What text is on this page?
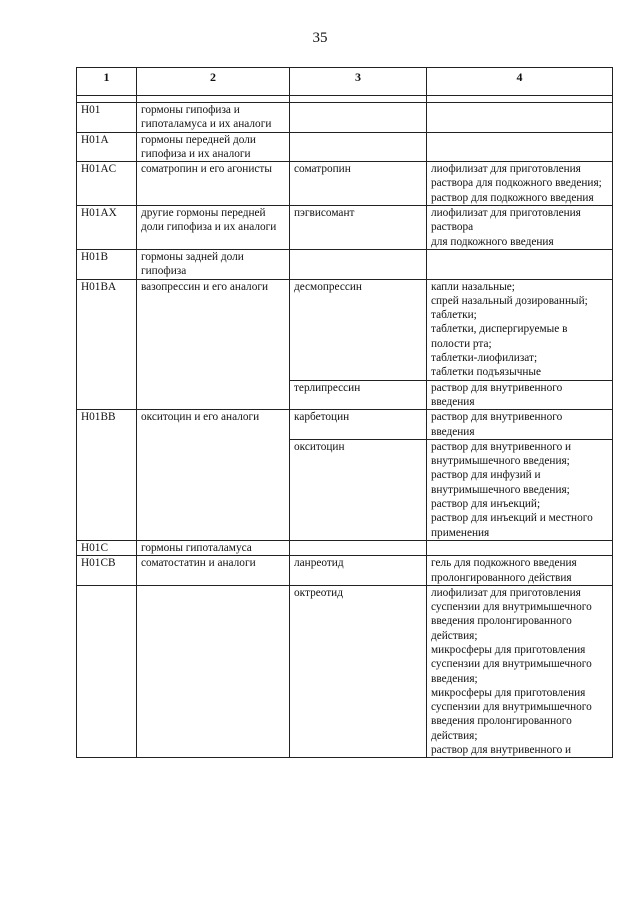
35
1	2	3	4

H01	гормоны гипофиза и гипоталамуса и их аналоги		
H01A	гормоны передней доли гипофиза и их аналоги		
H01AC	соматропин и его агонисты	соматропин	лиофилизат для приготовления раствора для подкожного введения;
раствор для подкожного введения
H01AX	другие гормоны передней доли гипофиза и их аналоги	пэгвисомант	лиофилизат для приготовления раствора
для подкожного введения
H01B	гормоны задней доли гипофиза		
H01BA	вазопрессин и его аналоги	десмопрессин	капли назальные;
спрей назальный дозированный; таблетки;
таблетки, диспергируемые в полости рта;
таблетки-лиофилизат;
таблетки подъязычные
		терлипрессин	раствор для внутривенного введения
H01BB	окситоцин и его аналоги	карбетоцин	раствор для внутривенного введения
		окситоцин	раствор для внутривенного и внутримышечного введения;
раствор для инфузий и внутримышечного введения;
раствор для инъекций;
раствор для инъекций и местного применения
H01C	гормоны гипоталамуса		
H01CB	соматостатин и аналоги	ланреотид	гель для подкожного введения пролонгированного действия
		октреотид	лиофилизат для приготовления суспензии для внутримышечного введения пролонгированного действия;
микросферы для приготовления суспензии для внутримышечного введения;
микросферы для приготовления суспензии для внутримышечного введения пролонгированного действия;
раствор для внутривенного и
